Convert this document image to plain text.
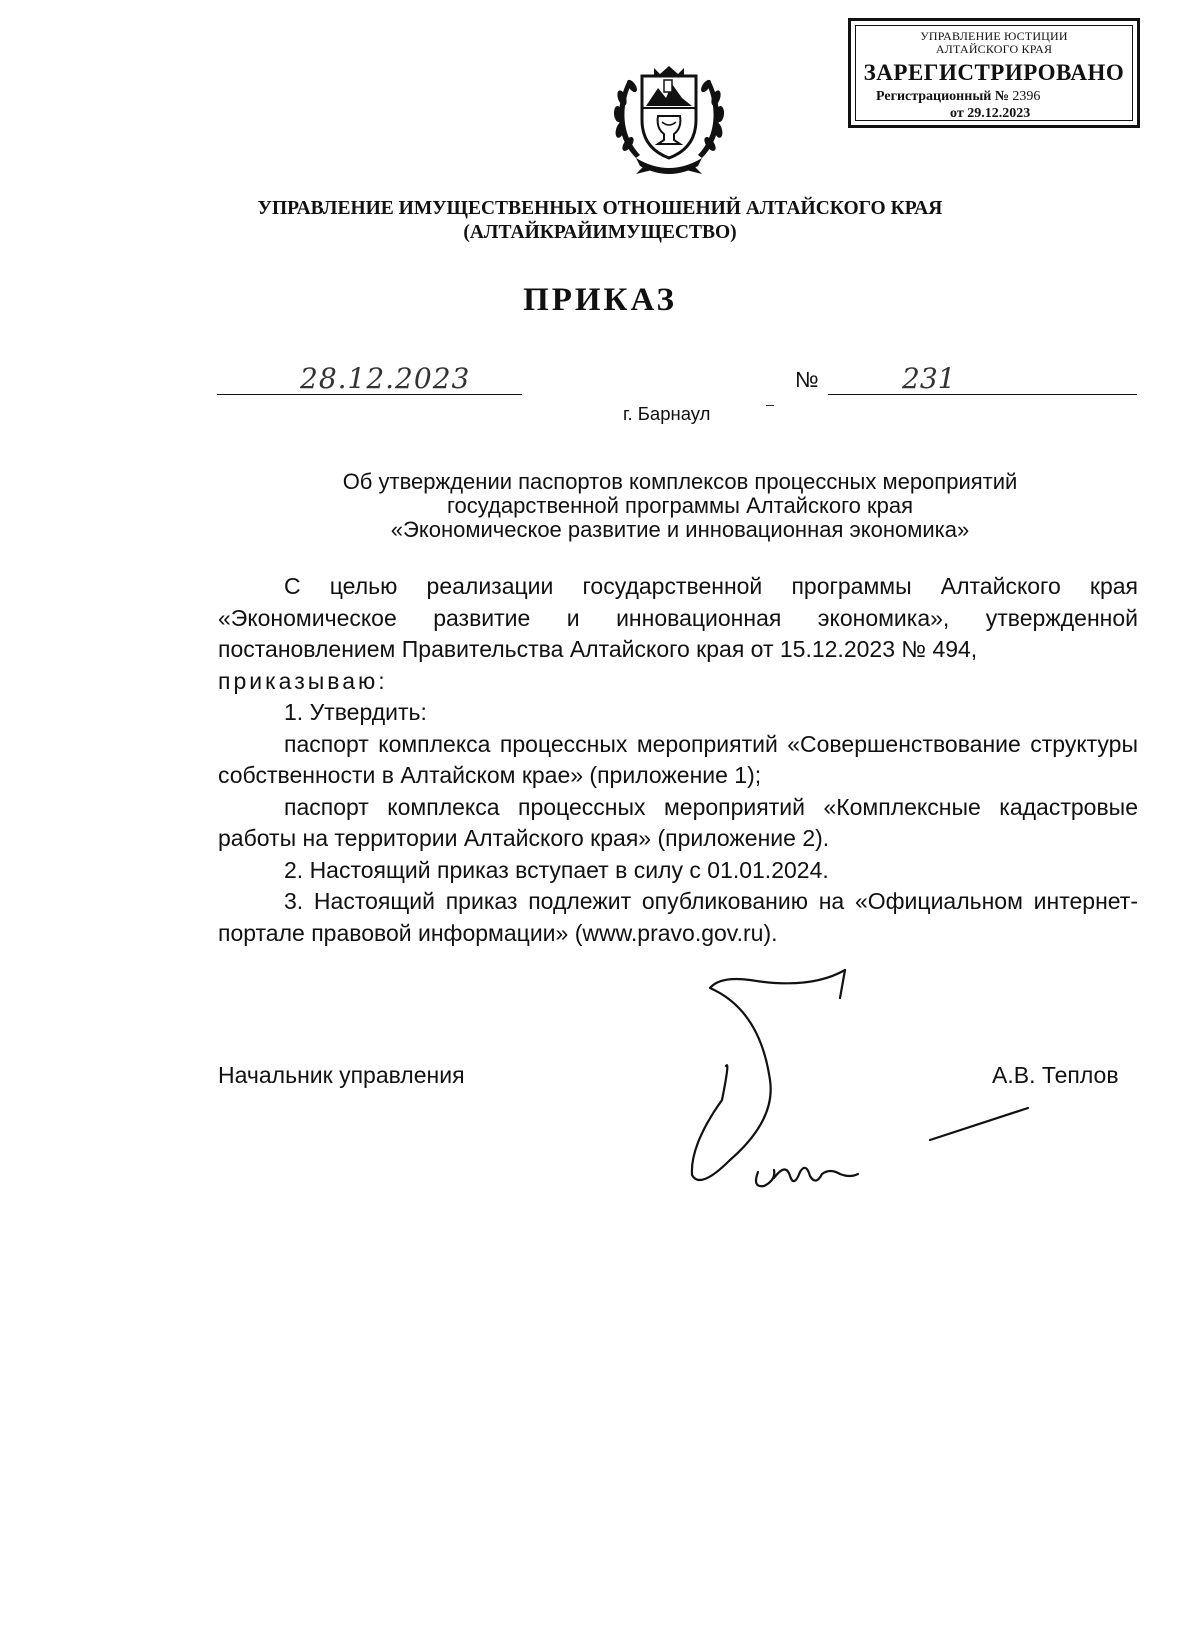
УПРАВЛЕНИЕ ЮСТИЦИИ
АЛТАЙСКОГО КРАЯ
ЗАРЕГИСТРИРОВАНО
Регистрационный № 2396
от 29.12.2023
УПРАВЛЕНИЕ ИМУЩЕСТВЕННЫХ ОТНОШЕНИЙ АЛТАЙСКОГО КРАЯ
(АЛТАЙКРАЙИМУЩЕСТВО)
ПРИКАЗ
28.12.2023	№	231
г. Барнаул
Об утверждении паспортов комплексов процессных мероприятий
государственной программы Алтайского края
«Экономическое развитие и инновационная экономика»
С целью реализации государственной программы Алтайского края «Экономическое развитие и инновационная экономика», утвержденной постановлением Правительства Алтайского края от 15.12.2023 № 494,
приказываю:
1. Утвердить:
паспорт комплекса процессных мероприятий «Совершенствование структуры собственности в Алтайском крае» (приложение 1);
паспорт комплекса процессных мероприятий «Комплексные кадастровые работы на территории Алтайского края» (приложение 2).
2. Настоящий приказ вступает в силу с 01.01.2024.
3. Настоящий приказ подлежит опубликованию на «Официальном интернет-портале правовой информации» (www.pravo.gov.ru).
Начальник управления	А.В. Теплов
